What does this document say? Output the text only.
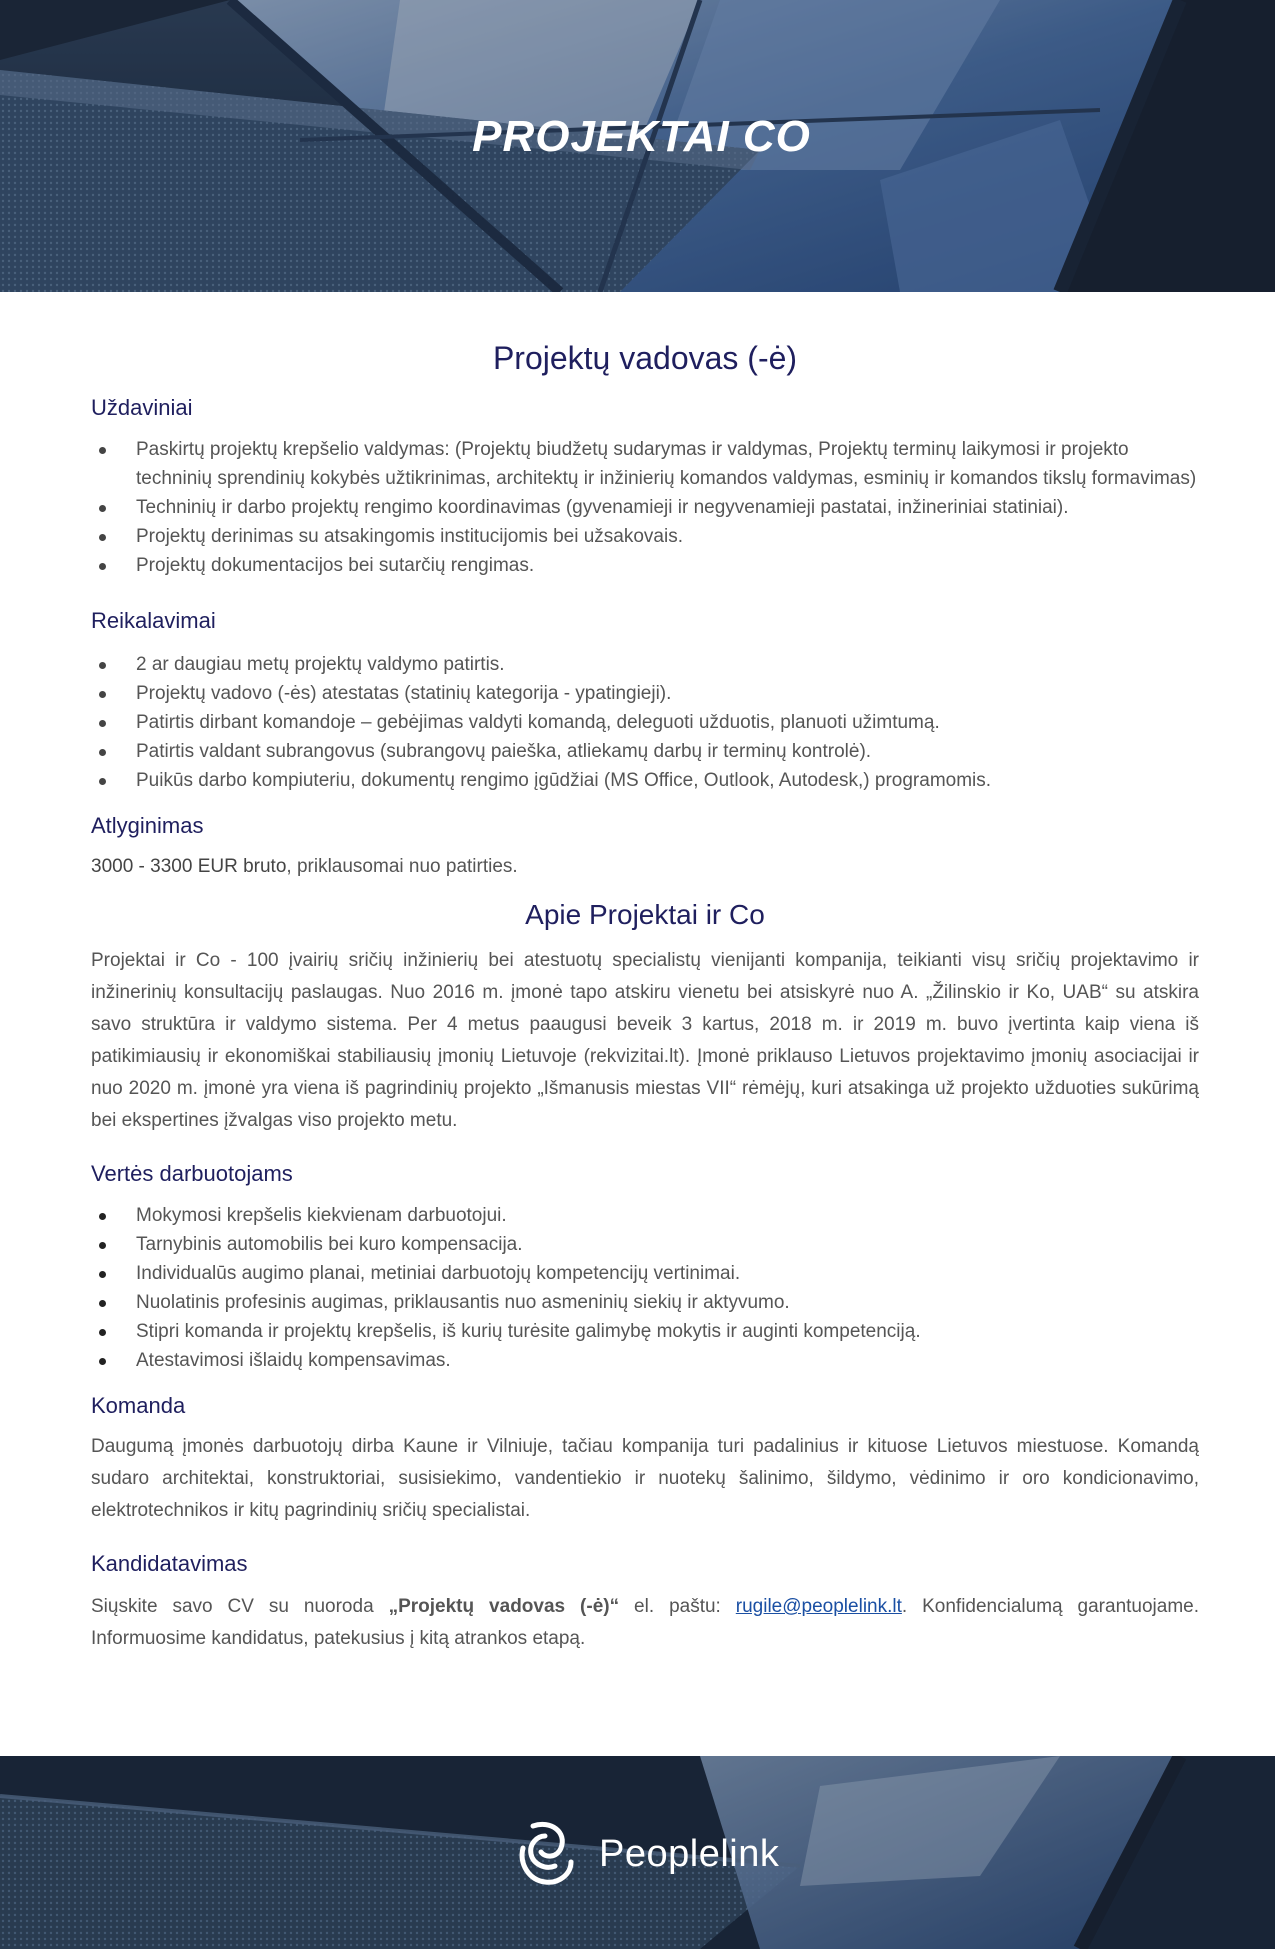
PROJEKTAI CO
Projektų vadovas (-ė)
Uždaviniai
Paskirtų projektų krepšelio valdymas: (Projektų biudžetų sudarymas ir valdymas, Projektų terminų laikymosi ir projekto techninių sprendinių kokybės užtikrinimas, architektų ir inžinierių komandos valdymas, esminių ir komandos tikslų formavimas)
Techninių ir darbo projektų rengimo koordinavimas (gyvenamieji ir negyvenamieji pastatai, inžineriniai statiniai).
Projektų derinimas su atsakingomis institucijomis bei užsakovais.
Projektų dokumentacijos bei sutarčių rengimas.
Reikalavimai
2 ar daugiau metų projektų valdymo patirtis.
Projektų vadovo (-ės) atestatas (statinių kategorija - ypatingieji).
Patirtis dirbant komandoje – gebėjimas valdyti komandą, deleguoti užduotis, planuoti užimtumą.
Patirtis valdant subrangovus (subrangovų paieška, atliekamų darbų ir terminų kontrolė).
Puikūs darbo kompiuteriu, dokumentų rengimo įgūdžiai (MS Office, Outlook, Autodesk,) programomis.
Atlyginimas

3000 - 3300 EUR bruto, priklausomai nuo patirties.

Apie Projektai ir Co

Projektai ir Co - 100 įvairių sričių inžinierių bei atestuotų specialistų vienijanti kompanija, teikianti visų sričių projektavimo ir inžinerinių konsultacijų paslaugas. Nuo 2016 m. įmonė tapo atskiru vienetu bei atsiskyrė nuo A. „Žilinskio ir Ko, UAB“ su atskira savo struktūra ir valdymo sistema. Per 4 metus paaugusi beveik 3 kartus, 2018 m. ir 2019 m. buvo įvertinta kaip viena iš patikimiausių ir ekonomiškai stabiliausių įmonių Lietuvoje (rekvizitai.lt). Įmonė priklauso Lietuvos projektavimo įmonių asociacijai ir nuo 2020 m. įmonė yra viena iš pagrindinių projekto „Išmanusis miestas VII“ rėmėjų, kuri atsakinga už projekto užduoties sukūrimą bei ekspertines įžvalgas viso projekto metu.

Vertės darbuotojams
Mokymosi krepšelis kiekvienam darbuotojui.
Tarnybinis automobilis bei kuro kompensacija.
Individualūs augimo planai, metiniai darbuotojų kompetencijų vertinimai.
Nuolatinis profesinis augimas, priklausantis nuo asmeninių siekių ir aktyvumo.
Stipri komanda ir projektų krepšelis, iš kurių turėsite galimybę mokytis ir auginti kompetenciją.
Atestavimosi išlaidų kompensavimas.
Komanda

Daugumą įmonės darbuotojų dirba Kaune ir Vilniuje, tačiau kompanija turi padalinius ir kituose Lietuvos miestuose. Komandą sudaro architektai, konstruktoriai, susisiekimo, vandentiekio ir nuotekų šalinimo, šildymo, vėdinimo ir oro kondicionavimo, elektrotechnikos ir kitų pagrindinių sričių specialistai.

Kandidatavimas

Siųskite savo CV su nuoroda „Projektų vadovas (-ė)“ el. paštu: rugile@peoplelink.lt. Konfidencialumą garantuojame. Informuosime kandidatus, patekusius į kitą atrankos etapą.

Peoplelink
